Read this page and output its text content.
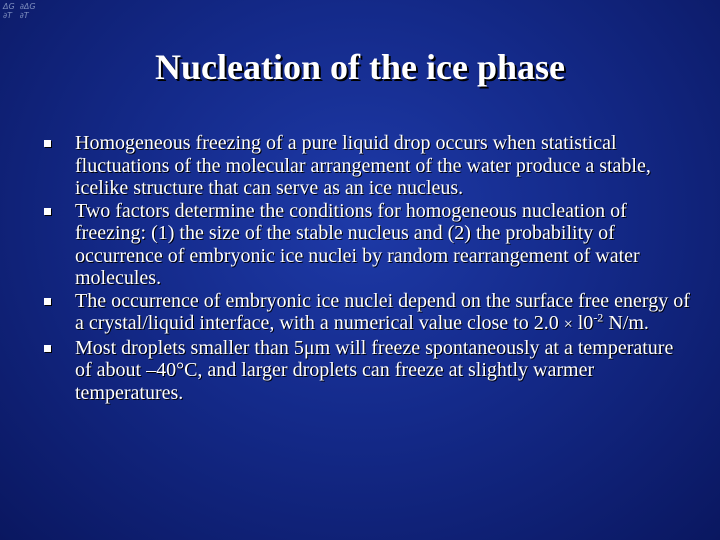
ΔG  ∂ΔG
∂T   ∂T
Nucleation of the ice phase
Homogeneous freezing of a pure liquid drop occurs when statistical fluctuations of the molecular arrangement of the water produce a stable, icelike structure that can serve as an ice nucleus.
Two factors determine the conditions for homogeneous nucleation of freezing: (1) the size of the stable nucleus and (2) the probability of occurrence of embryonic ice nuclei by random rearrangement of water molecules.
The occurrence of embryonic ice nuclei depend on the surface free energy of a crystal/liquid interface, with a numerical value close to $2.0 \times l0^{-2}$ N/m.
Most droplets smaller than 5μm will freeze spontaneously at a temperature of about –40°C, and larger droplets can freeze at slightly warmer temperatures.
